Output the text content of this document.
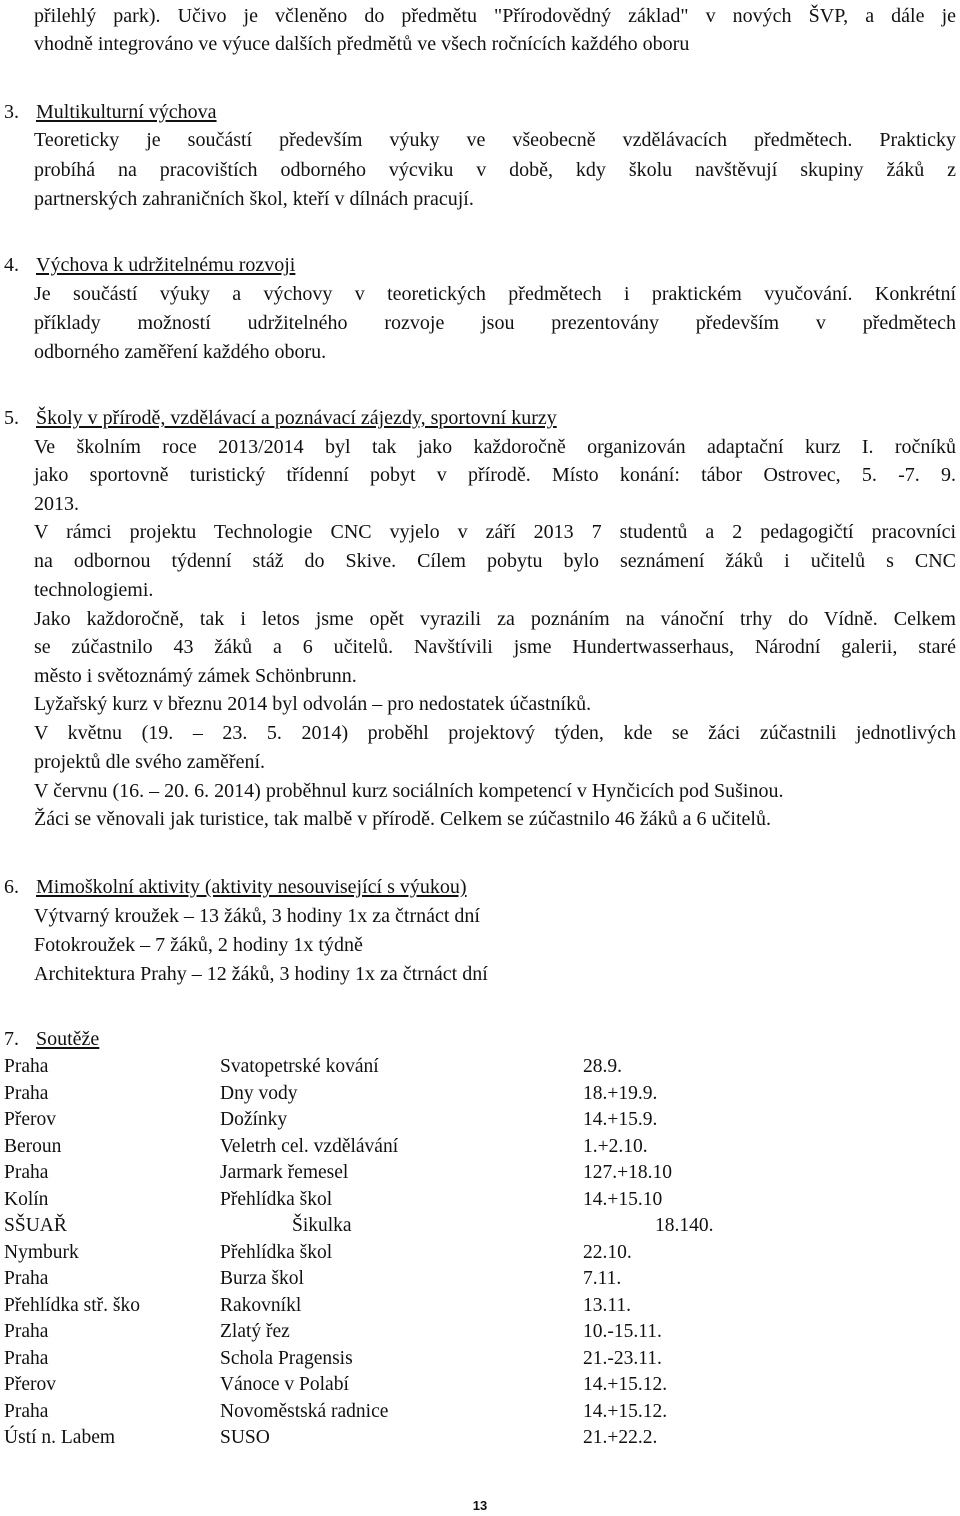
přilehlý park). Učivo je včleněno do předmětu "Přírodovědný základ" v nových ŠVP, a dále je
vhodně integrováno ve výuce dalších předmětů ve všech ročnících každého oboru
3. Multikulturní výchova
Teoreticky je součástí především výuky ve všeobecně vzdělávacích předmětech. Prakticky
probíhá na pracovištích odborného výcviku v době, kdy školu navštěvují skupiny žáků z
partnerských zahraničních škol, kteří v dílnách pracují.
4. Výchova k udržitelnému rozvoji
Je součástí výuky a výchovy v teoretických předmětech i praktickém vyučování. Konkrétní
příklady možností udržitelného rozvoje jsou prezentovány především v předmětech
odborného zaměření každého oboru.
5. Školy v přírodě, vzdělávací a poznávací zájezdy, sportovní kurzy
Ve školním roce 2013/2014 byl tak jako každoročně organizován adaptační kurz I. ročníků
jako sportovně turistický třídenní pobyt v přírodě. Místo konání: tábor Ostrovec, 5. -7. 9.
2013.
V rámci projektu Technologie CNC vyjelo v září 2013 7 studentů a 2 pedagogičtí pracovníci
na odbornou týdenní stáž do Skive. Cílem pobytu bylo seznámení žáků i učitelů s CNC
technologiemi.
Jako každoročně, tak i letos jsme opět vyrazili za poznáním na vánoční trhy do Vídně. Celkem
se zúčastnilo 43 žáků a 6 učitelů. Navštívili jsme Hundertwasserhaus, Národní galerii, staré
město i světoznámý zámek Schönbrunn.
Lyžařský kurz v březnu 2014 byl odvolán – pro nedostatek účastníků.
V květnu (19. – 23. 5. 2014) proběhl projektový týden, kde se žáci zúčastnili jednotlivých
projektů dle svého zaměření.
V červnu (16. – 20. 6. 2014) proběhnul kurz sociálních kompetencí v Hynčicích pod Sušinou.
Žáci se věnovali jak turistice, tak malbě v přírodě. Celkem se zúčastnilo 46 žáků a 6 učitelů.
6. Mimoškolní aktivity (aktivity nesouvisející s výukou)
Výtvarný kroužek – 13 žáků, 3 hodiny 1x za čtrnáct dní
Fotokroužek – 7 žáků, 2 hodiny 1x týdně
Architektura Prahy – 12 žáků, 3 hodiny 1x za čtrnáct dní
7. Soutěže
Praha	Svatopetrské kování	28.9.
Praha	Dny vody	18.+19.9.
Přerov	Dožínky	14.+15.9.
Beroun	Veletrh cel. vzdělávání	1.+2.10.
Praha	Jarmark řemesel	127.+18.10
Kolín	Přehlídka škol	14.+15.10
SŠUAŘ	Šikulka	18.140.
Nymburk	Přehlídka škol	22.10.
Praha	Burza škol	7.11.
Přehlídka stř. ško	Rakovníkl	13.11.
Praha	Zlatý řez	10.-15.11.
Praha	Schola Pragensis	21.-23.11.
Přerov	Vánoce v Polabí	14.+15.12.
Praha	Novoměstská radnice	14.+15.12.
Ústí n. Labem	SUSO	21.+22.2.
13
